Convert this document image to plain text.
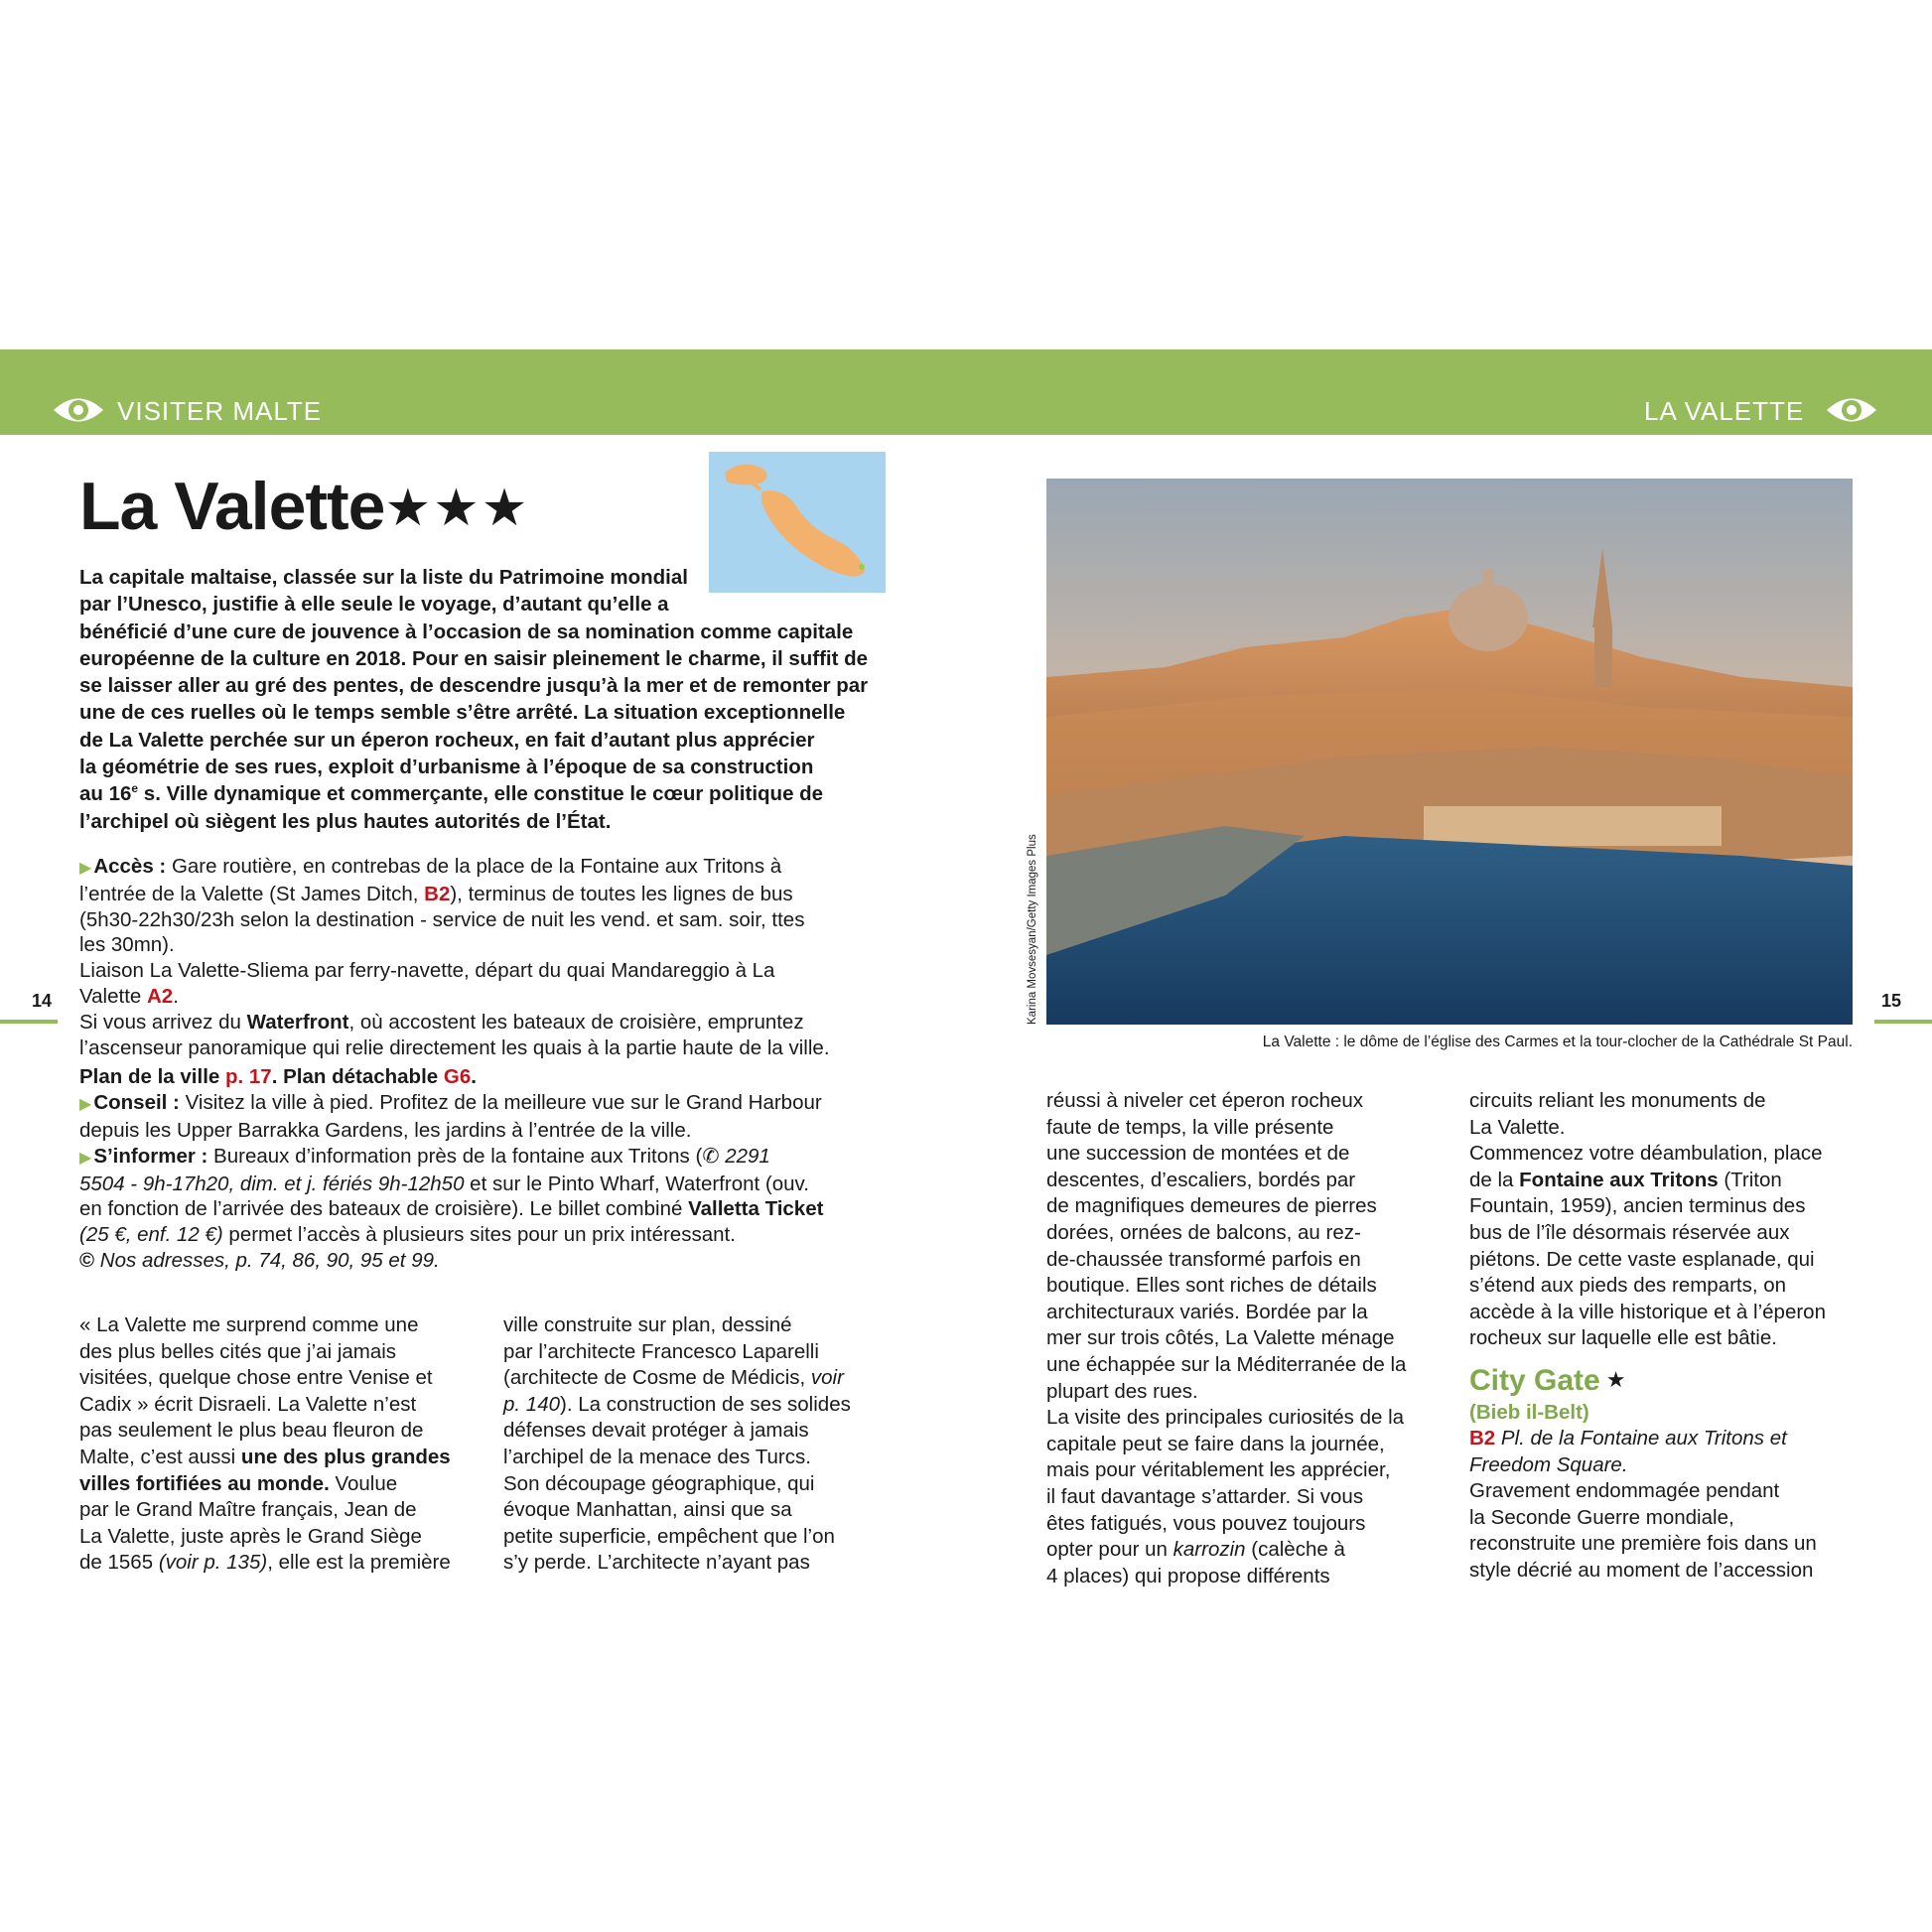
VISITER MALTE	LA VALETTE
14	15
La Valette★★★
La capitale maltaise, classée sur la liste du Patrimoine mondial
par l’Unesco, justifie à elle seule le voyage, d’autant qu’elle a
bénéficié d’une cure de jouvence à l’occasion de sa nomination comme capitale
européenne de la culture en 2018. Pour en saisir pleinement le charme, il suffit de
se laisser aller au gré des pentes, de descendre jusqu’à la mer et de remonter par
une de ces ruelles où le temps semble s’être arrêté. La situation exceptionnelle
de La Valette perchée sur un éperon rocheux, en fait d’autant plus apprécier
la géométrie de ses rues, exploit d’urbanisme à l’époque de sa construction
au 16e s. Ville dynamique et commerçante, elle constitue le cœur politique de
l’archipel où siègent les plus hautes autorités de l’État.
▶Accès : Gare routière, en contrebas de la place de la Fontaine aux Tritons à
l’entrée de la Valette (St James Ditch, B2), terminus de toutes les lignes de bus
(5h30-22h30/23h selon la destination - service de nuit les vend. et sam. soir, ttes
les 30mn).
Liaison La Valette-Sliema par ferry-navette, départ du quai Mandareggio à La
Valette A2.
Si vous arrivez du Waterfront, où accostent les bateaux de croisière, empruntez
l’ascenseur panoramique qui relie directement les quais à la partie haute de la ville.
Plan de la ville p. 17. Plan détachable G6.
▶Conseil : Visitez la ville à pied. Profitez de la meilleure vue sur le Grand Harbour
depuis les Upper Barrakka Gardens, les jardins à l’entrée de la ville.
▶S’informer : Bureaux d’information près de la fontaine aux Tritons (✆ 2291
5504 - 9h-17h20, dim. et j. fériés 9h-12h50 et sur le Pinto Wharf, Waterfront (ouv.
en fonction de l’arrivée des bateaux de croisière). Le billet combiné Valletta Ticket
(25 €, enf. 12 €) permet l’accès à plusieurs sites pour un prix intéressant.
© Nos adresses, p. 74, 86, 90, 95 et 99.
« La Valette me surprend comme une
des plus belles cités que j’ai jamais
visitées, quelque chose entre Venise et
Cadix » écrit Disraeli. La Valette n’est
pas seulement le plus beau fleuron de
Malte, c’est aussi une des plus grandes
villes fortifiées au monde. Voulue
par le Grand Maître français, Jean de
La Valette, juste après le Grand Siège
de 1565 (voir p. 135), elle est la première
ville construite sur plan, dessiné
par l’architecte Francesco Laparelli
(architecte de Cosme de Médicis, voir
p. 140). La construction de ses solides
défenses devait protéger à jamais
l’archipel de la menace des Turcs.
Son découpage géographique, qui
évoque Manhattan, ainsi que sa
petite superficie, empêchent que l’on
s’y perde. L’architecte n’ayant pas
Karina Movsesyan/Getty Images Plus
La Valette : le dôme de l’église des Carmes et la tour-clocher de la Cathédrale St Paul.
réussi à niveler cet éperon rocheux
faute de temps, la ville présente
une succession de montées et de
descentes, d’escaliers, bordés par
de magnifiques demeures de pierres
dorées, ornées de balcons, au rez-
de-chaussée transformé parfois en
boutique. Elles sont riches de détails
architecturaux variés. Bordée par la
mer sur trois côtés, La Valette ménage
une échappée sur la Méditerranée de la
plupart des rues.
La visite des principales curiosités de la
capitale peut se faire dans la journée,
mais pour véritablement les apprécier,
il faut davantage s’attarder. Si vous
êtes fatigués, vous pouvez toujours
opter pour un karrozin (calèche à
4 places) qui propose différents
circuits reliant les monuments de
La Valette.
Commencez votre déambulation, place
de la Fontaine aux Tritons (Triton
Fountain, 1959), ancien terminus des
bus de l’île désormais réservée aux
piétons. De cette vaste esplanade, qui
s’étend aux pieds des remparts, on
accède à la ville historique et à l’éperon
rocheux sur laquelle elle est bâtie.
City Gate ★
(Bieb il-Belt)
B2 Pl. de la Fontaine aux Tritons et
Freedom Square.
Gravement endommagée pendant
la Seconde Guerre mondiale,
reconstruite une première fois dans un
style décrié au moment de l’accession
